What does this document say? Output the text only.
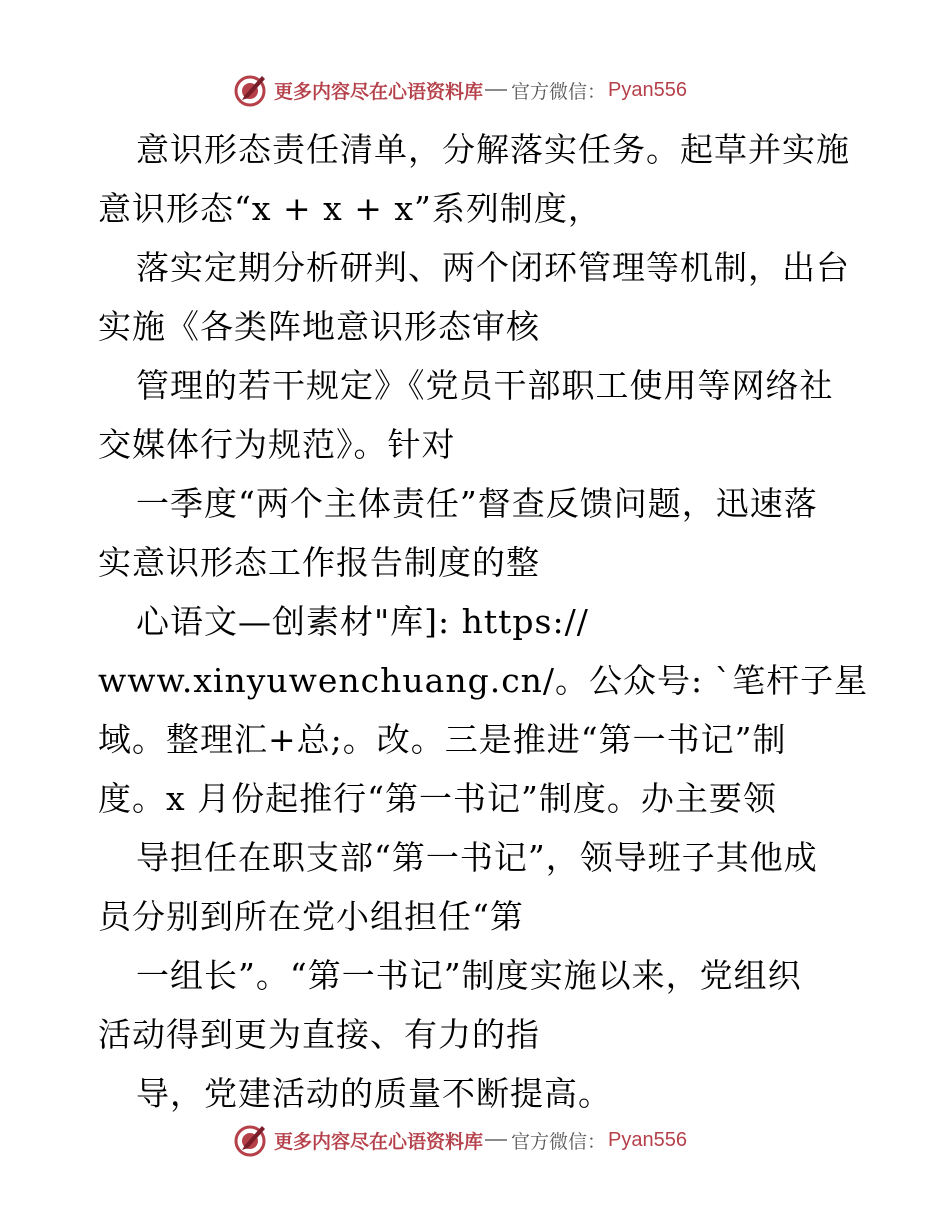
更多内容尽在心语资料库 官方微信： Pyan556
意识形态责任清单，分解落实任务。起草并实施
意识形态“x + x + x”系列制度，
落实定期分析研判、两个闭环管理等机制，出台
实施《各类阵地意识形态审核
管理的若干规定》《党员干部职工使用等网络社
交媒体行为规范》。针对
一季度“两个主体责任”督查反馈问题，迅速落
实意识形态工作报告制度的整
心语文—创素材"库]: https://
www.xinyuwenchuang.cn/。公众号: `笔杆子星
域。整理汇+总;。改。三是推进“第一书记”制
度。x 月份起推行“第一书记”制度。办主要领
导担任在职支部“第一书记”，领导班子其他成
员分别到所在党小组担任“第
一组长”。“第一书记”制度实施以来，党组织
活动得到更为直接、有力的指
导，党建活动的质量不断提高。
更多内容尽在心语资料库 官方微信： Pyan556
